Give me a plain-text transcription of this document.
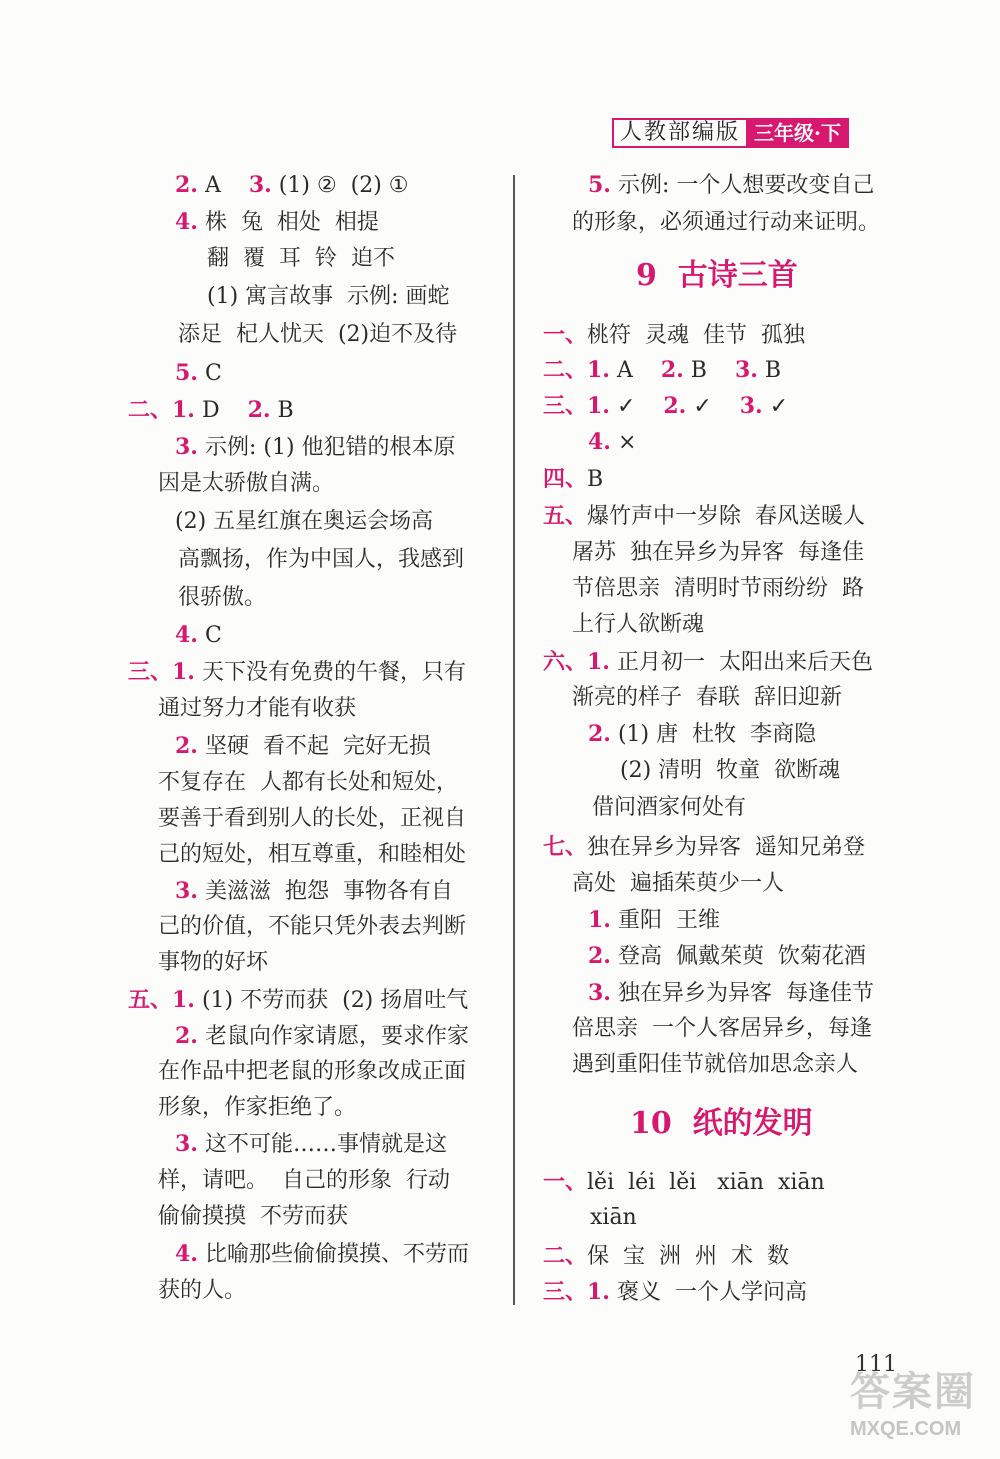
人教部编版 三年级·下
2. A    3. (1) ②  (2) ①
4. 株  兔  相处  相提
翻  覆  耳  铃  迫不
(1) 寓言故事  示例: 画蛇
添足  杞人忧天  (2)迫不及待
5. C
二、1. D    2. B
3. 示例: (1) 他犯错的根本原
因是太骄傲自满。
(2) 五星红旗在奥运会场高
高飘扬，作为中国人，我感到
很骄傲。
4. C
三、1. 天下没有免费的午餐，只有
通过努力才能有收获
2. 坚硬  看不起  完好无损
不复存在  人都有长处和短处，
要善于看到别人的长处，正视自
己的短处，相互尊重，和睦相处
3. 美滋滋  抱怨  事物各有自
己的价值，不能只凭外表去判断
事物的好坏
五、1. (1) 不劳而获  (2) 扬眉吐气
2. 老鼠向作家请愿，要求作家
在作品中把老鼠的形象改成正面
形象，作家拒绝了。
3. 这不可能……事情就是这
样，请吧。  自己的形象  行动
偷偷摸摸  不劳而获
4. 比喻那些偷偷摸摸、不劳而
获的人。
5. 示例: 一个人想要改变自己
的形象，必须通过行动来证明。
9  古诗三首
一、桃符  灵魂  佳节  孤独
二、1. A    2. B    3. B
三、1. ✓    2. ✓    3. ✓
4. ×
四、B
五、爆竹声中一岁除  春风送暖人
屠苏  独在异乡为异客  每逢佳
节倍思亲  清明时节雨纷纷  路
上行人欲断魂
六、1. 正月初一  太阳出来后天色
渐亮的样子  春联  辞旧迎新
2. (1) 唐  杜牧  李商隐
(2) 清明  牧童  欲断魂
借问酒家何处有
七、独在异乡为异客  遥知兄弟登
高处  遍插茱萸少一人
1. 重阳  王维
2. 登高  佩戴茱萸  饮菊花酒
3. 独在异乡为异客  每逢佳节
倍思亲  一个人客居异乡，每逢
遇到重阳佳节就倍加思念亲人
10  纸的发明
一、lěi  léi  lěi   xiān  xiān
xiān
二、保  宝  洲  州  术  数
三、1. 褒义  一个人学问高
111
答案圈
MXQE.COM
